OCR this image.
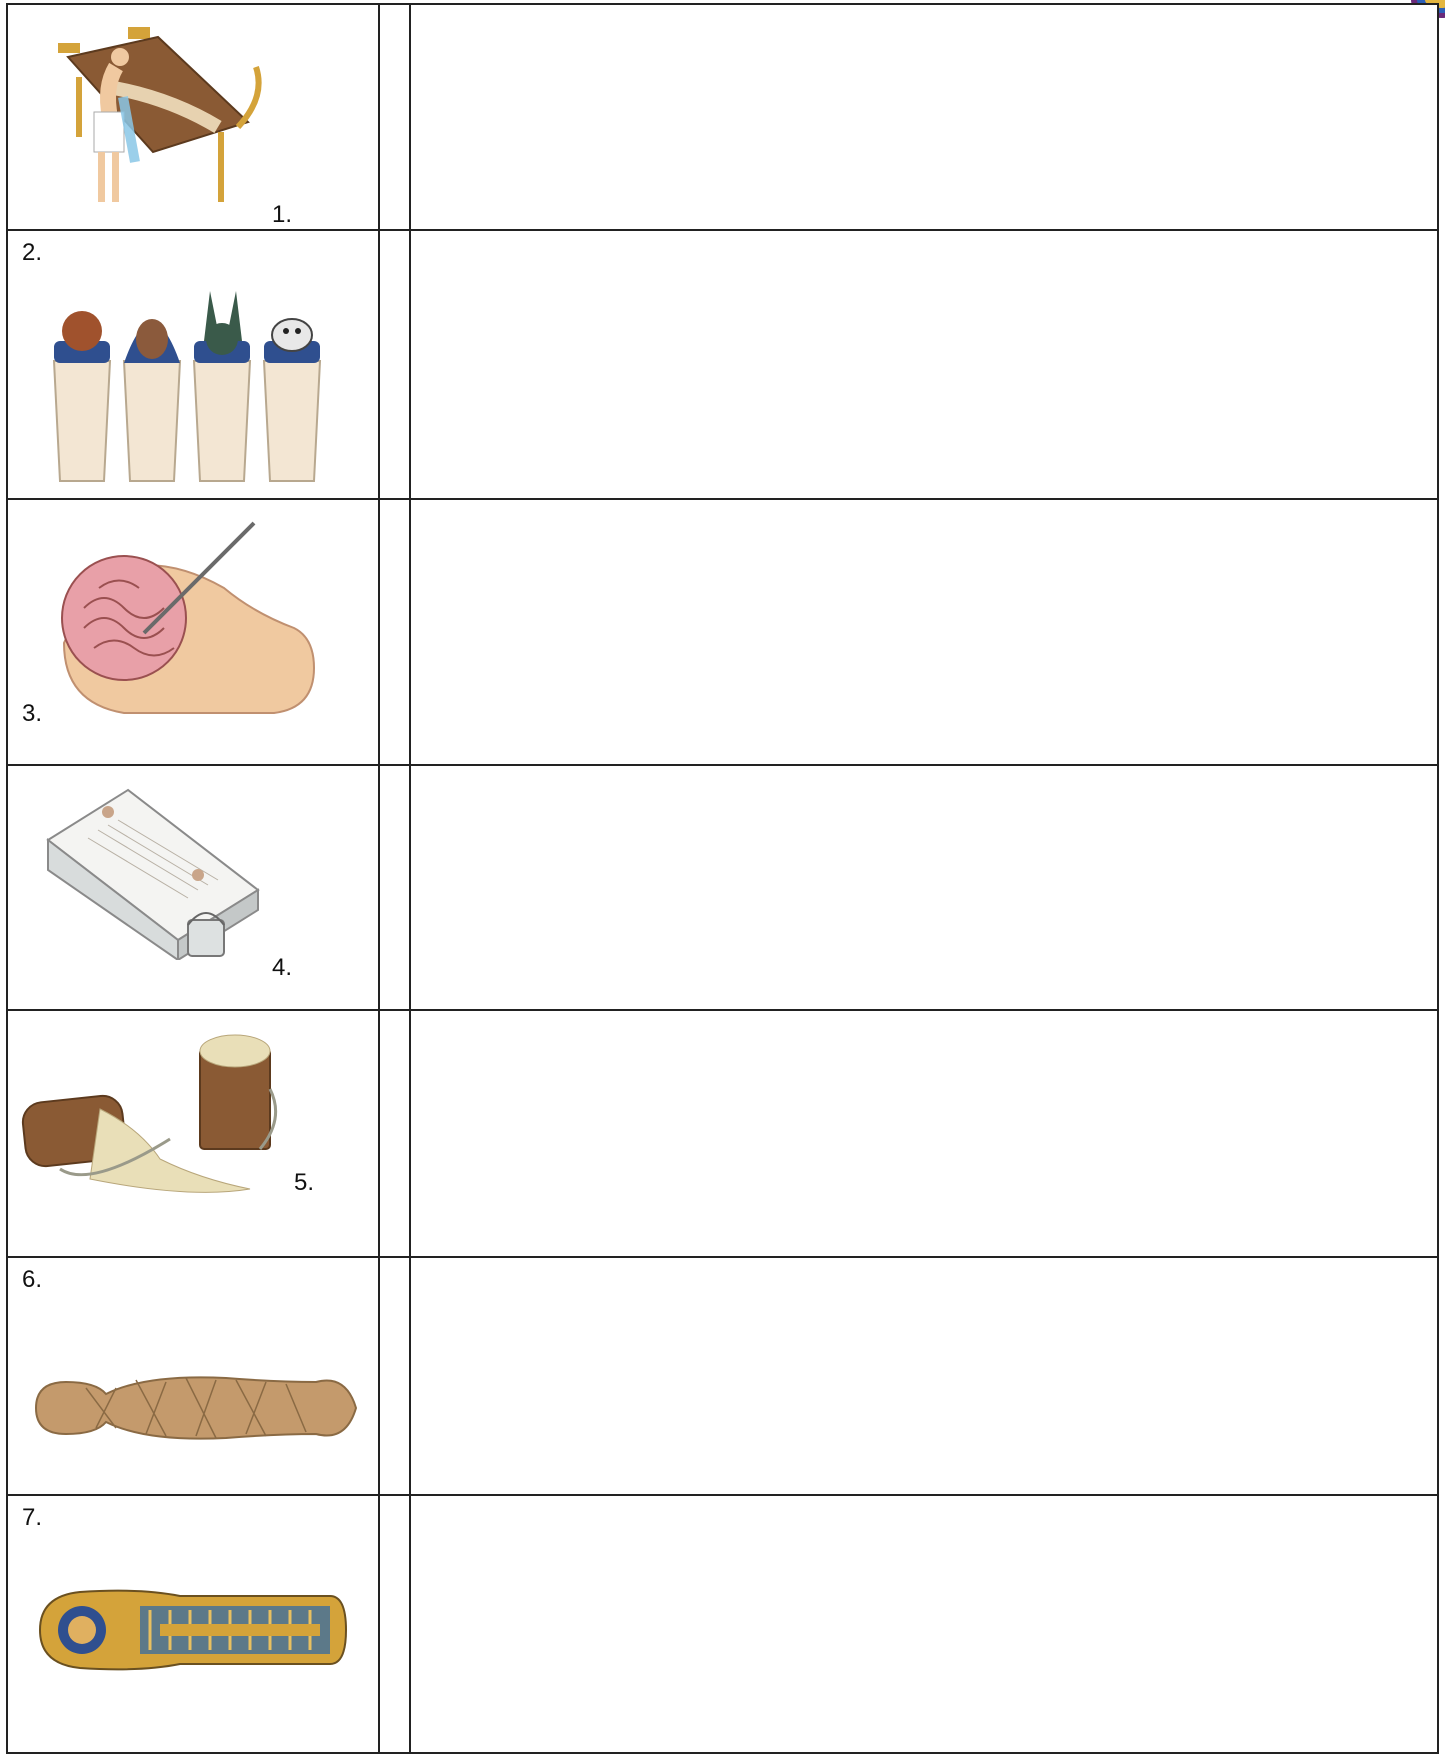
1.
2.
3.
4.
5.
6.
7.
